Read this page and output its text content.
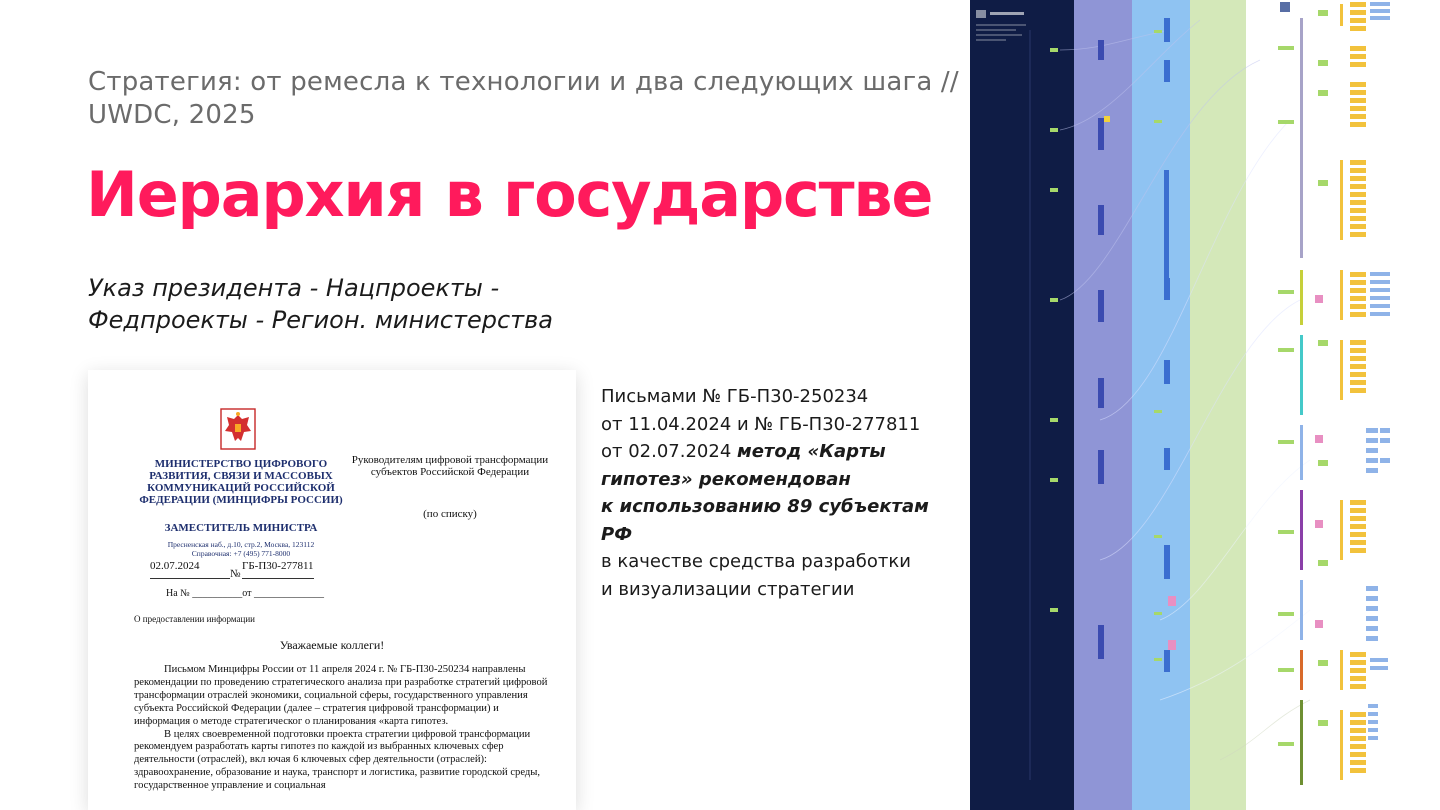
Стратегия: от ремесла к технологии и два следующих шага // UWDC, 2025
Иерархия в государстве
Указ президента - Нацпроекты - Федпроекты - Регион. министерства
МИНИСТЕРСТВО ЦИФРОВОГО РАЗВИТИЯ, СВЯЗИ И МАССОВЫХ КОММУНИКАЦИЙ РОССИЙСКОЙ ФЕДЕРАЦИИ (МИНЦИФРЫ РОССИИ)
ЗАМЕСТИТЕЛЬ МИНИСТРА
Пресненская наб., д.10, стр.2, Москва, 123112
Справочная: +7 (495) 771-8000
Руководителям цифровой трансформации субъектов Российской Федерации
(по списку)
02.07.2024
№
ГБ-П30-277811
На № __________от ______________
О предоставлении информации
Уважаемые коллеги!

Письмом Минцифры России от 11 апреля 2024 г. № ГБ-П30-250234 направлены рекомендации по проведению стратегического анализа при разработке стратегий цифровой трансформации отраслей экономики, социальной сферы, государственного управления субъекта Российской Федерации (далее – стратегия цифровой трансформации) и информация о методе стратегическог о планирования «карта гипотез.

В целях своевременной подготовки проекта стратегии цифровой трансформации рекомендуем разработать карты гипотез по каждой из выбранных ключевых сфер деятельности (отраслей), вкл ючая 6 ключевых сфер деятельности (отраслей): здравоохранение, образование и наука, транспорт и логистика, развитие городской среды, государственное управление и социальная

Письмами № ГБ-П30-250234
от 11.04.2024 и № ГБ-П30-277811
от 02.07.2024 метод «Карты
гипотез» рекомендован
к использованию 89 субъектам РФ
в качестве средства разработки
и визуализации стратегии
